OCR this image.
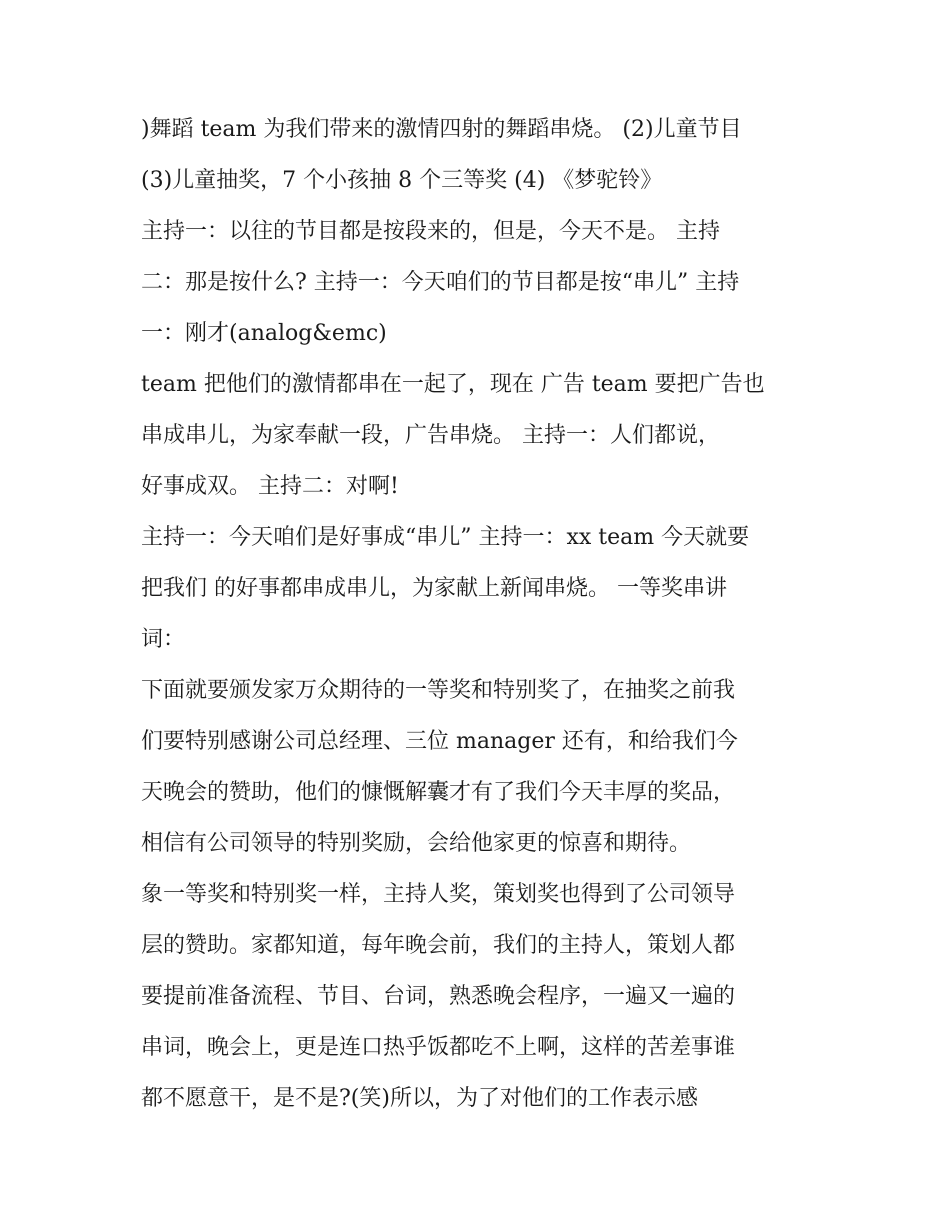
)舞蹈 team 为我们带来的激情四射的舞蹈串烧。 (2)儿童节目
(3)儿童抽奖，7 个小孩抽 8 个三等奖 (4) 《梦驼铃》
主持一：以往的节目都是按段来的，但是，今天不是。 主持
二：那是按什么? 主持一：今天咱们的节目都是按“串儿” 主持
一：刚才(analog&emc)
team 把他们的激情都串在一起了，现在 广告 team 要把广告也
串成串儿，为家奉献一段，广告串烧。 主持一：人们都说，
好事成双。 主持二：对啊!
主持一：今天咱们是好事成“串儿” 主持一：xx team 今天就要
把我们 的好事都串成串儿，为家献上新闻串烧。 一等奖串讲
词：
下面就要颁发家万众期待的一等奖和特别奖了，在抽奖之前我
们要特别感谢公司总经理、三位 manager 还有，和给我们今
天晚会的赞助，他们的慷慨解囊才有了我们今天丰厚的奖品，
相信有公司领导的特别奖励，会给他家更的惊喜和期待。
象一等奖和特别奖一样，主持人奖，策划奖也得到了公司领导
层的赞助。家都知道，每年晚会前，我们的主持人，策划人都
要提前准备流程、节目、台词，熟悉晚会程序，一遍又一遍的
串词，晚会上，更是连口热乎饭都吃不上啊，这样的苦差事谁
都不愿意干，是不是?(笑)所以，为了对他们的工作表示感
